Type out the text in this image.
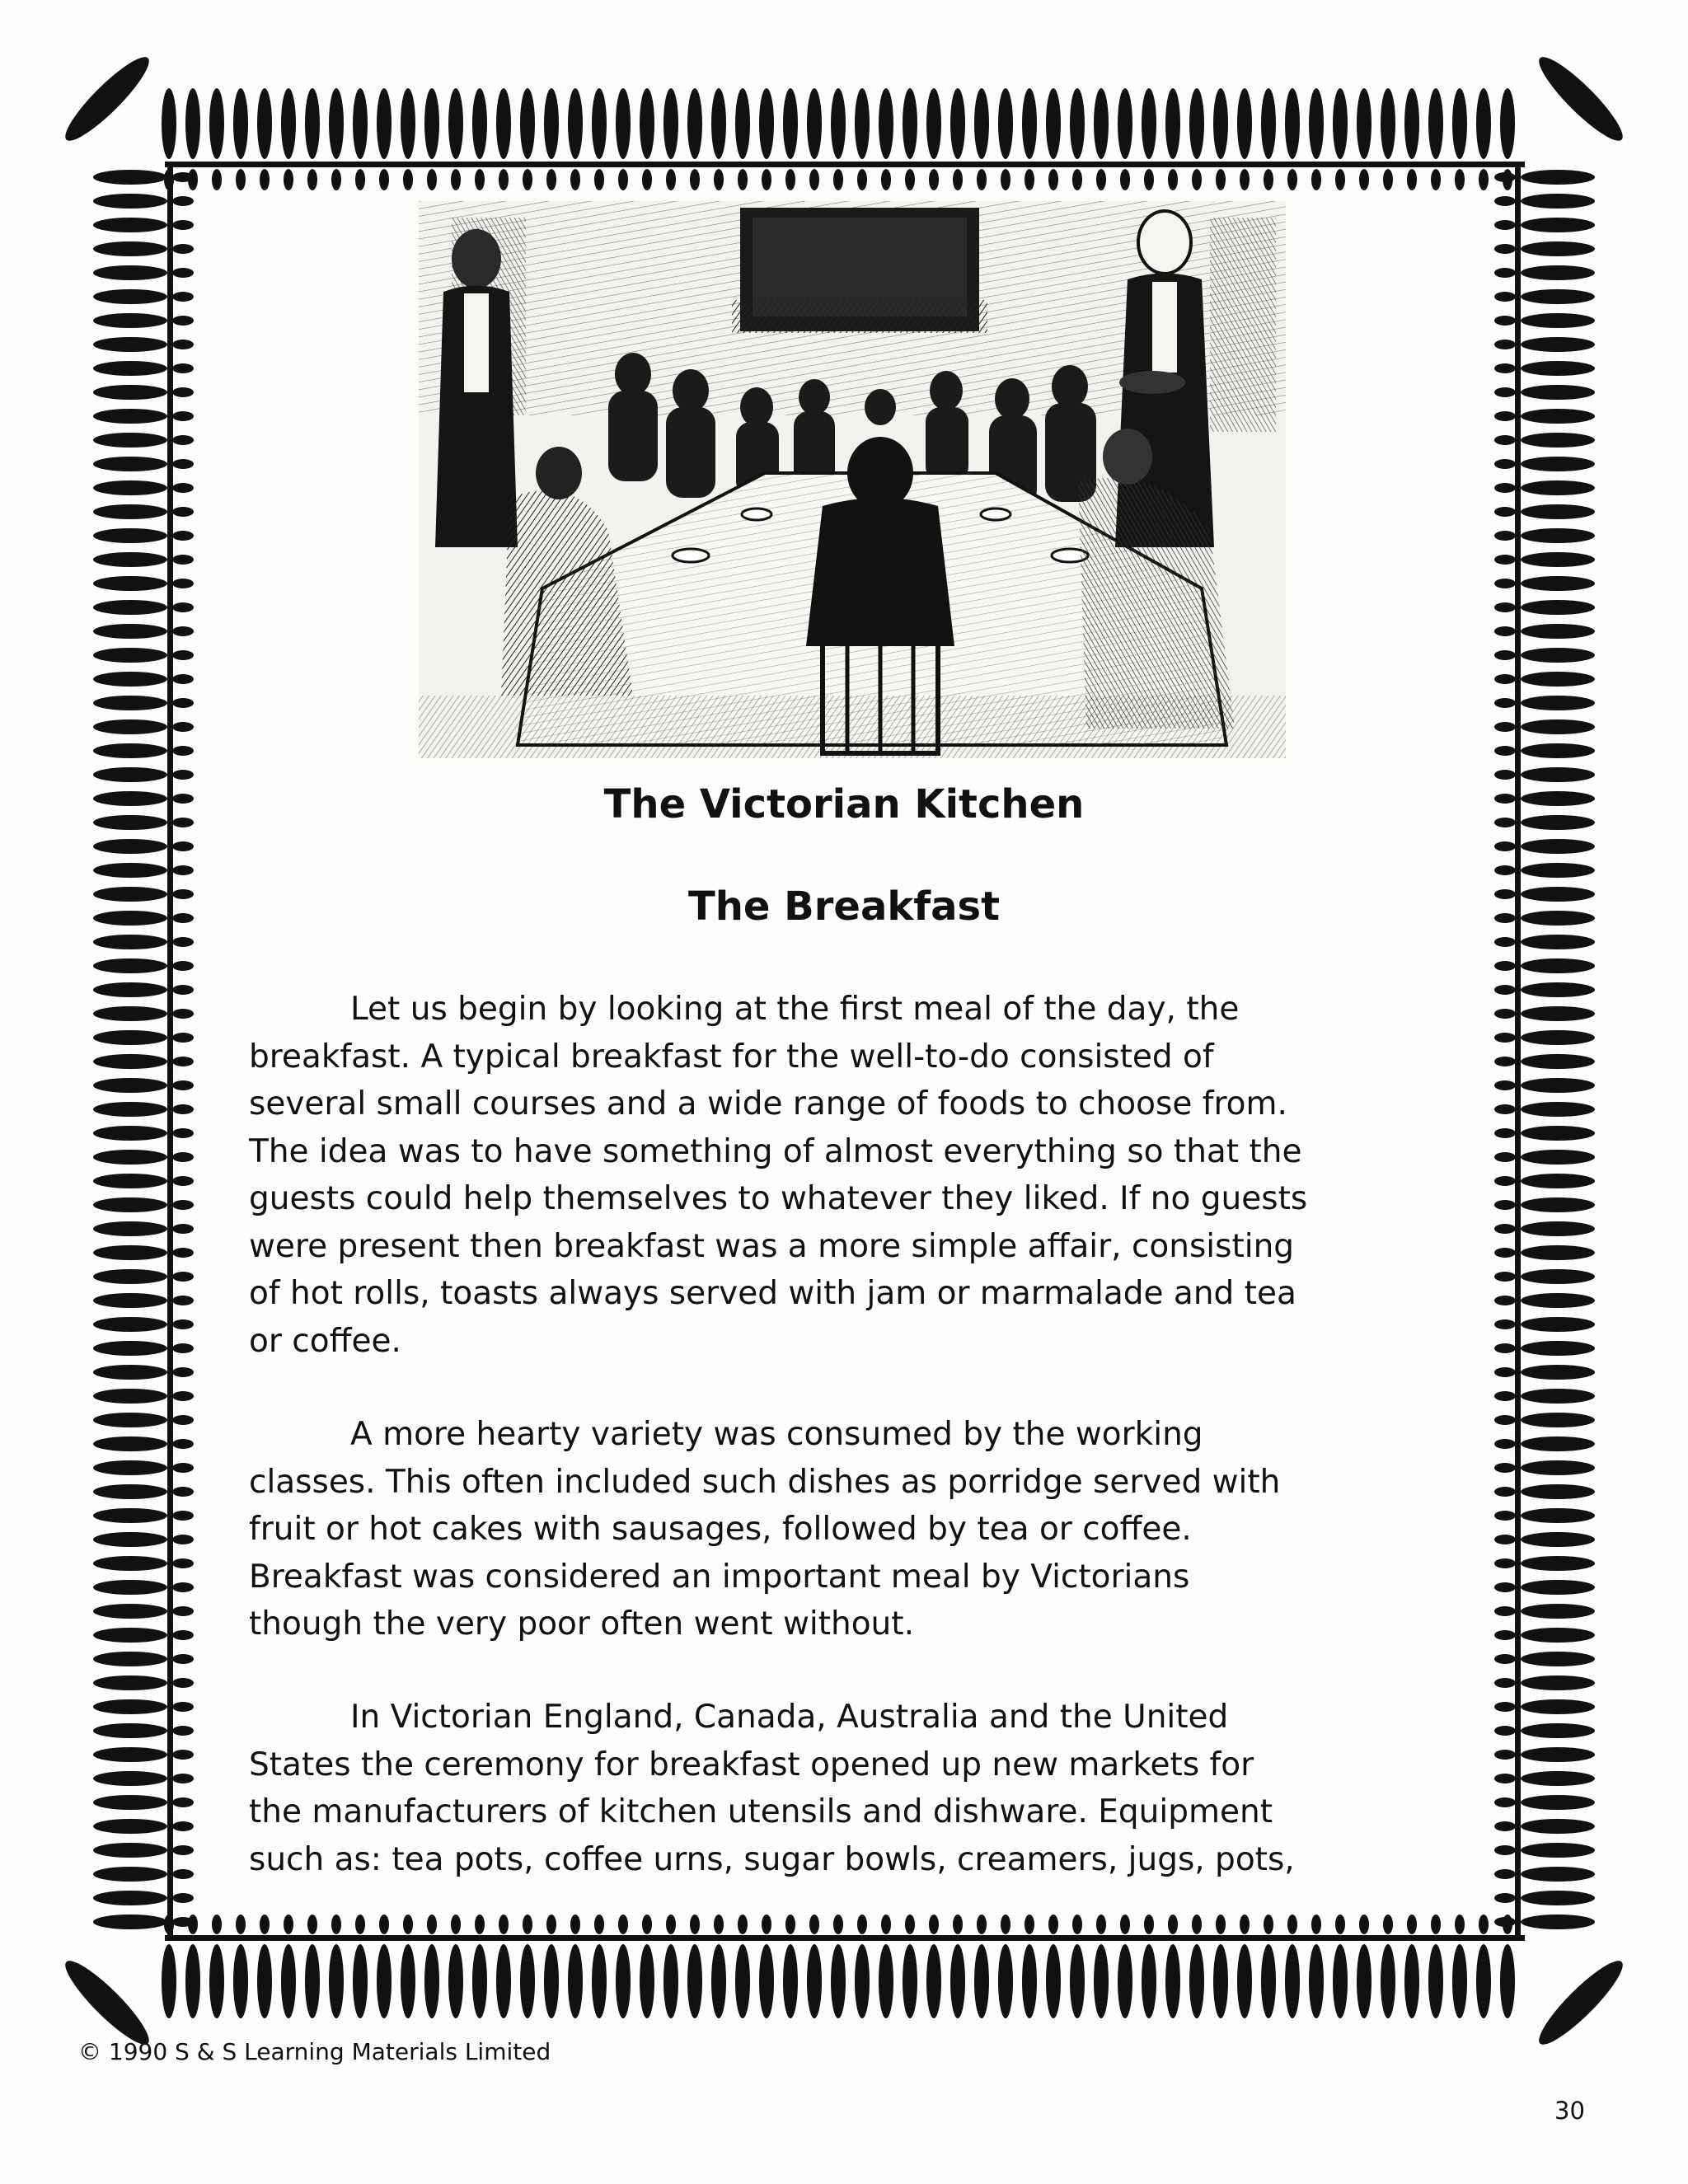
The Victorian Kitchen
The Breakfast
Let us begin by looking at the first meal of the day, the
breakfast. A typical breakfast for the well-to-do consisted of
several small courses and a wide range of foods to choose from.
The idea was to have something of almost everything so that the
guests could help themselves to whatever they liked. If no guests
were present then breakfast was a more simple affair, consisting
of hot rolls, toasts always served with jam or marmalade and tea
or coffee.
A more hearty variety was consumed by the working
classes. This often included such dishes as porridge served with
fruit or hot cakes with sausages, followed by tea or coffee.
Breakfast was considered an important meal by Victorians
though the very poor often went without.
In Victorian England, Canada, Australia and the United
States the ceremony for breakfast opened up new markets for
the manufacturers of kitchen utensils and dishware. Equipment
such as: tea pots, coffee urns, sugar bowls, creamers, jugs, pots,
© 1990 S & S Learning Materials Limited
30
